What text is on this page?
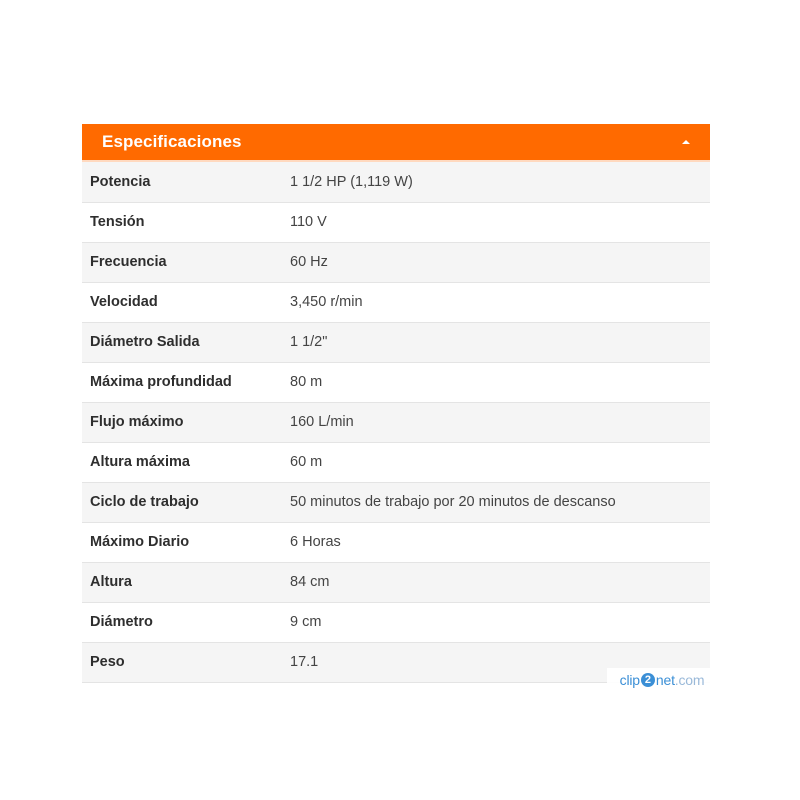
Especificaciones
Potencia	1 1/2 HP (1,119 W)
Tensión	110 V
Frecuencia	60 Hz
Velocidad	3,450 r/min
Diámetro Salida	1 1/2"
Máxima profundidad	80 m
Flujo máximo	160 L/min
Altura máxima	60 m
Ciclo de trabajo	50 minutos de trabajo por 20 minutos de descanso
Máximo Diario	6 Horas
Altura	84 cm
Diámetro	9 cm
Peso	17.1
clip 2 net .com
